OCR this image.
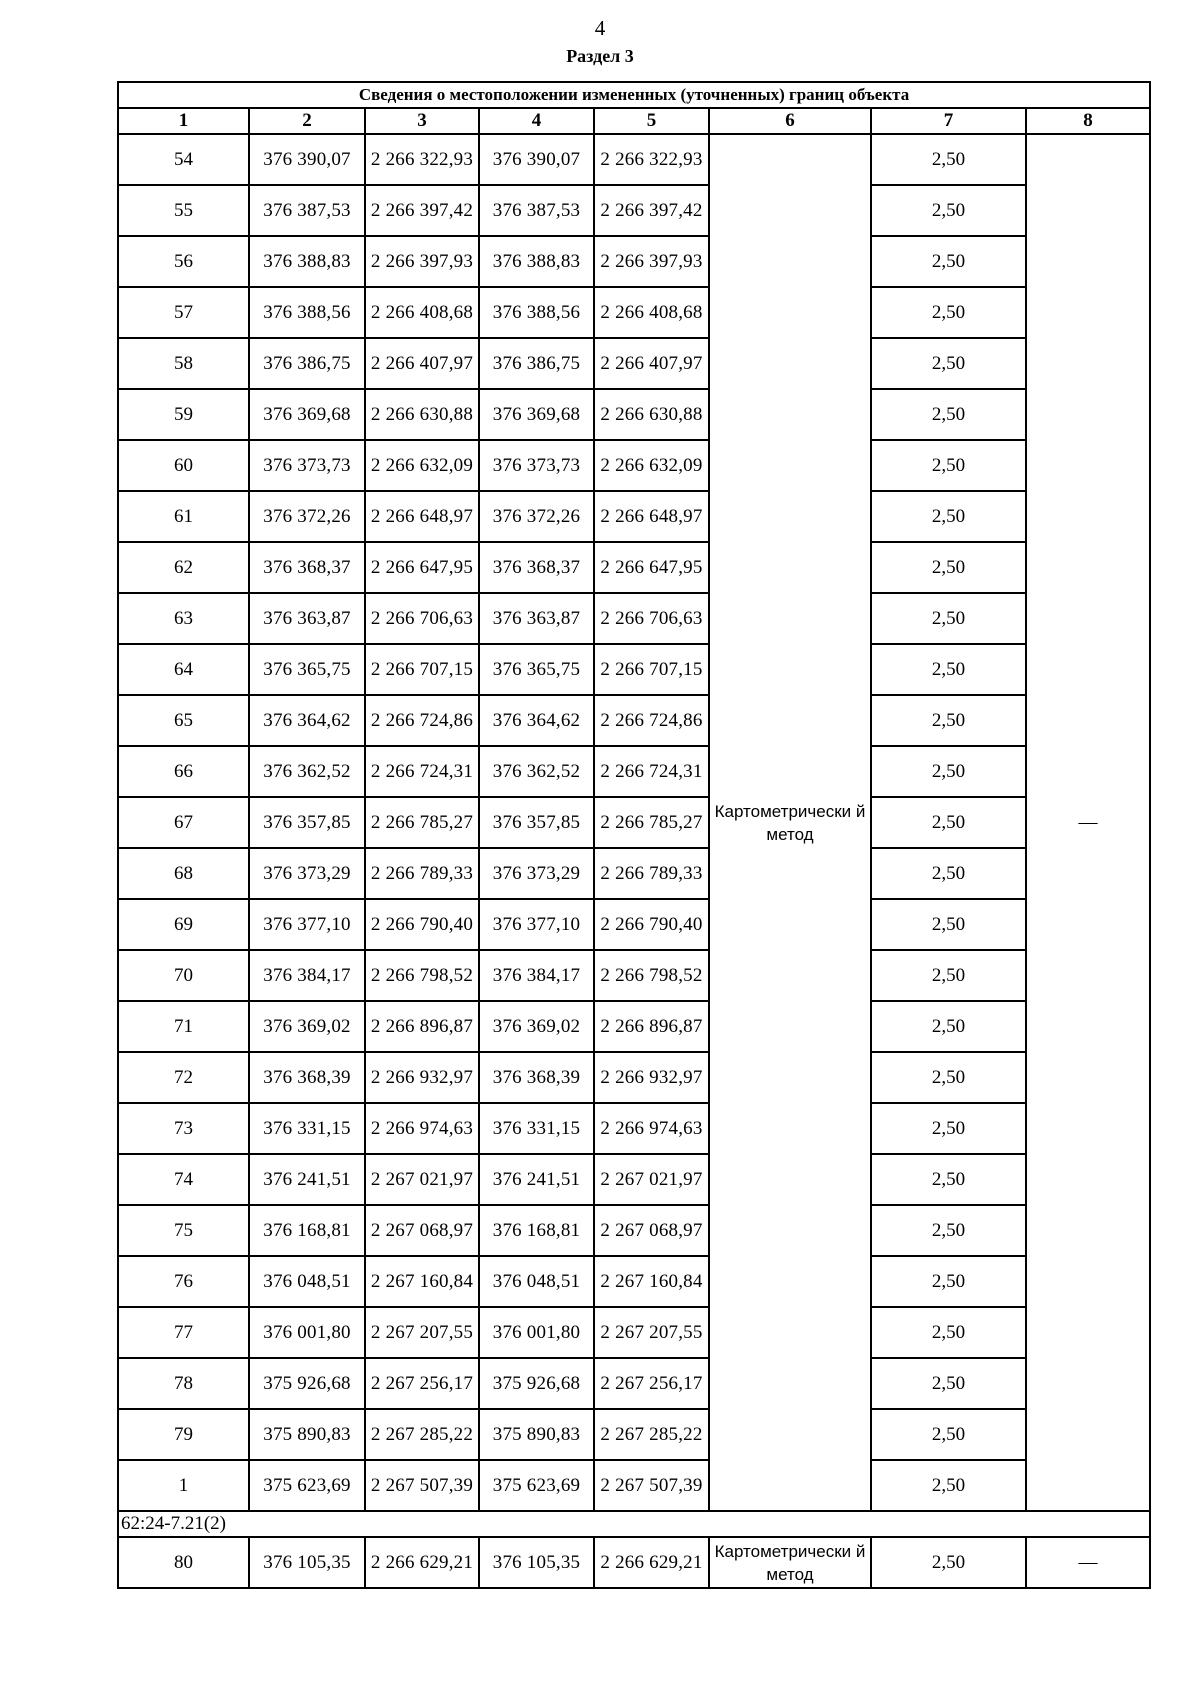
4
Раздел 3
Сведения о местоположении измененных (уточненных) границ объекта							
1	2	3	4	5	6	7	8
54	376 390,07	2 266 322,93	376 390,07	2 266 322,93	Картометрически й метод	2,50	—
55	376 387,53	2 266 397,42	376 387,53	2 266 397,42		2,50	
56	376 388,83	2 266 397,93	376 388,83	2 266 397,93		2,50	
57	376 388,56	2 266 408,68	376 388,56	2 266 408,68		2,50	
58	376 386,75	2 266 407,97	376 386,75	2 266 407,97		2,50	
59	376 369,68	2 266 630,88	376 369,68	2 266 630,88		2,50	
60	376 373,73	2 266 632,09	376 373,73	2 266 632,09		2,50	
61	376 372,26	2 266 648,97	376 372,26	2 266 648,97		2,50	
62	376 368,37	2 266 647,95	376 368,37	2 266 647,95		2,50	
63	376 363,87	2 266 706,63	376 363,87	2 266 706,63		2,50	
64	376 365,75	2 266 707,15	376 365,75	2 266 707,15		2,50	
65	376 364,62	2 266 724,86	376 364,62	2 266 724,86		2,50	
66	376 362,52	2 266 724,31	376 362,52	2 266 724,31		2,50	
67	376 357,85	2 266 785,27	376 357,85	2 266 785,27		2,50	
68	376 373,29	2 266 789,33	376 373,29	2 266 789,33		2,50	
69	376 377,10	2 266 790,40	376 377,10	2 266 790,40		2,50	
70	376 384,17	2 266 798,52	376 384,17	2 266 798,52		2,50	
71	376 369,02	2 266 896,87	376 369,02	2 266 896,87		2,50	
72	376 368,39	2 266 932,97	376 368,39	2 266 932,97		2,50	
73	376 331,15	2 266 974,63	376 331,15	2 266 974,63		2,50	
74	376 241,51	2 267 021,97	376 241,51	2 267 021,97		2,50	
75	376 168,81	2 267 068,97	376 168,81	2 267 068,97		2,50	
76	376 048,51	2 267 160,84	376 048,51	2 267 160,84		2,50	
77	376 001,80	2 267 207,55	376 001,80	2 267 207,55		2,50	
78	375 926,68	2 267 256,17	375 926,68	2 267 256,17		2,50	
79	375 890,83	2 267 285,22	375 890,83	2 267 285,22		2,50	
1	375 623,69	2 267 507,39	375 623,69	2 267 507,39		2,50	
62:24-7.21(2)							
80	376 105,35	2 266 629,21	376 105,35	2 266 629,21	Картометрически й метод	2,50	—
